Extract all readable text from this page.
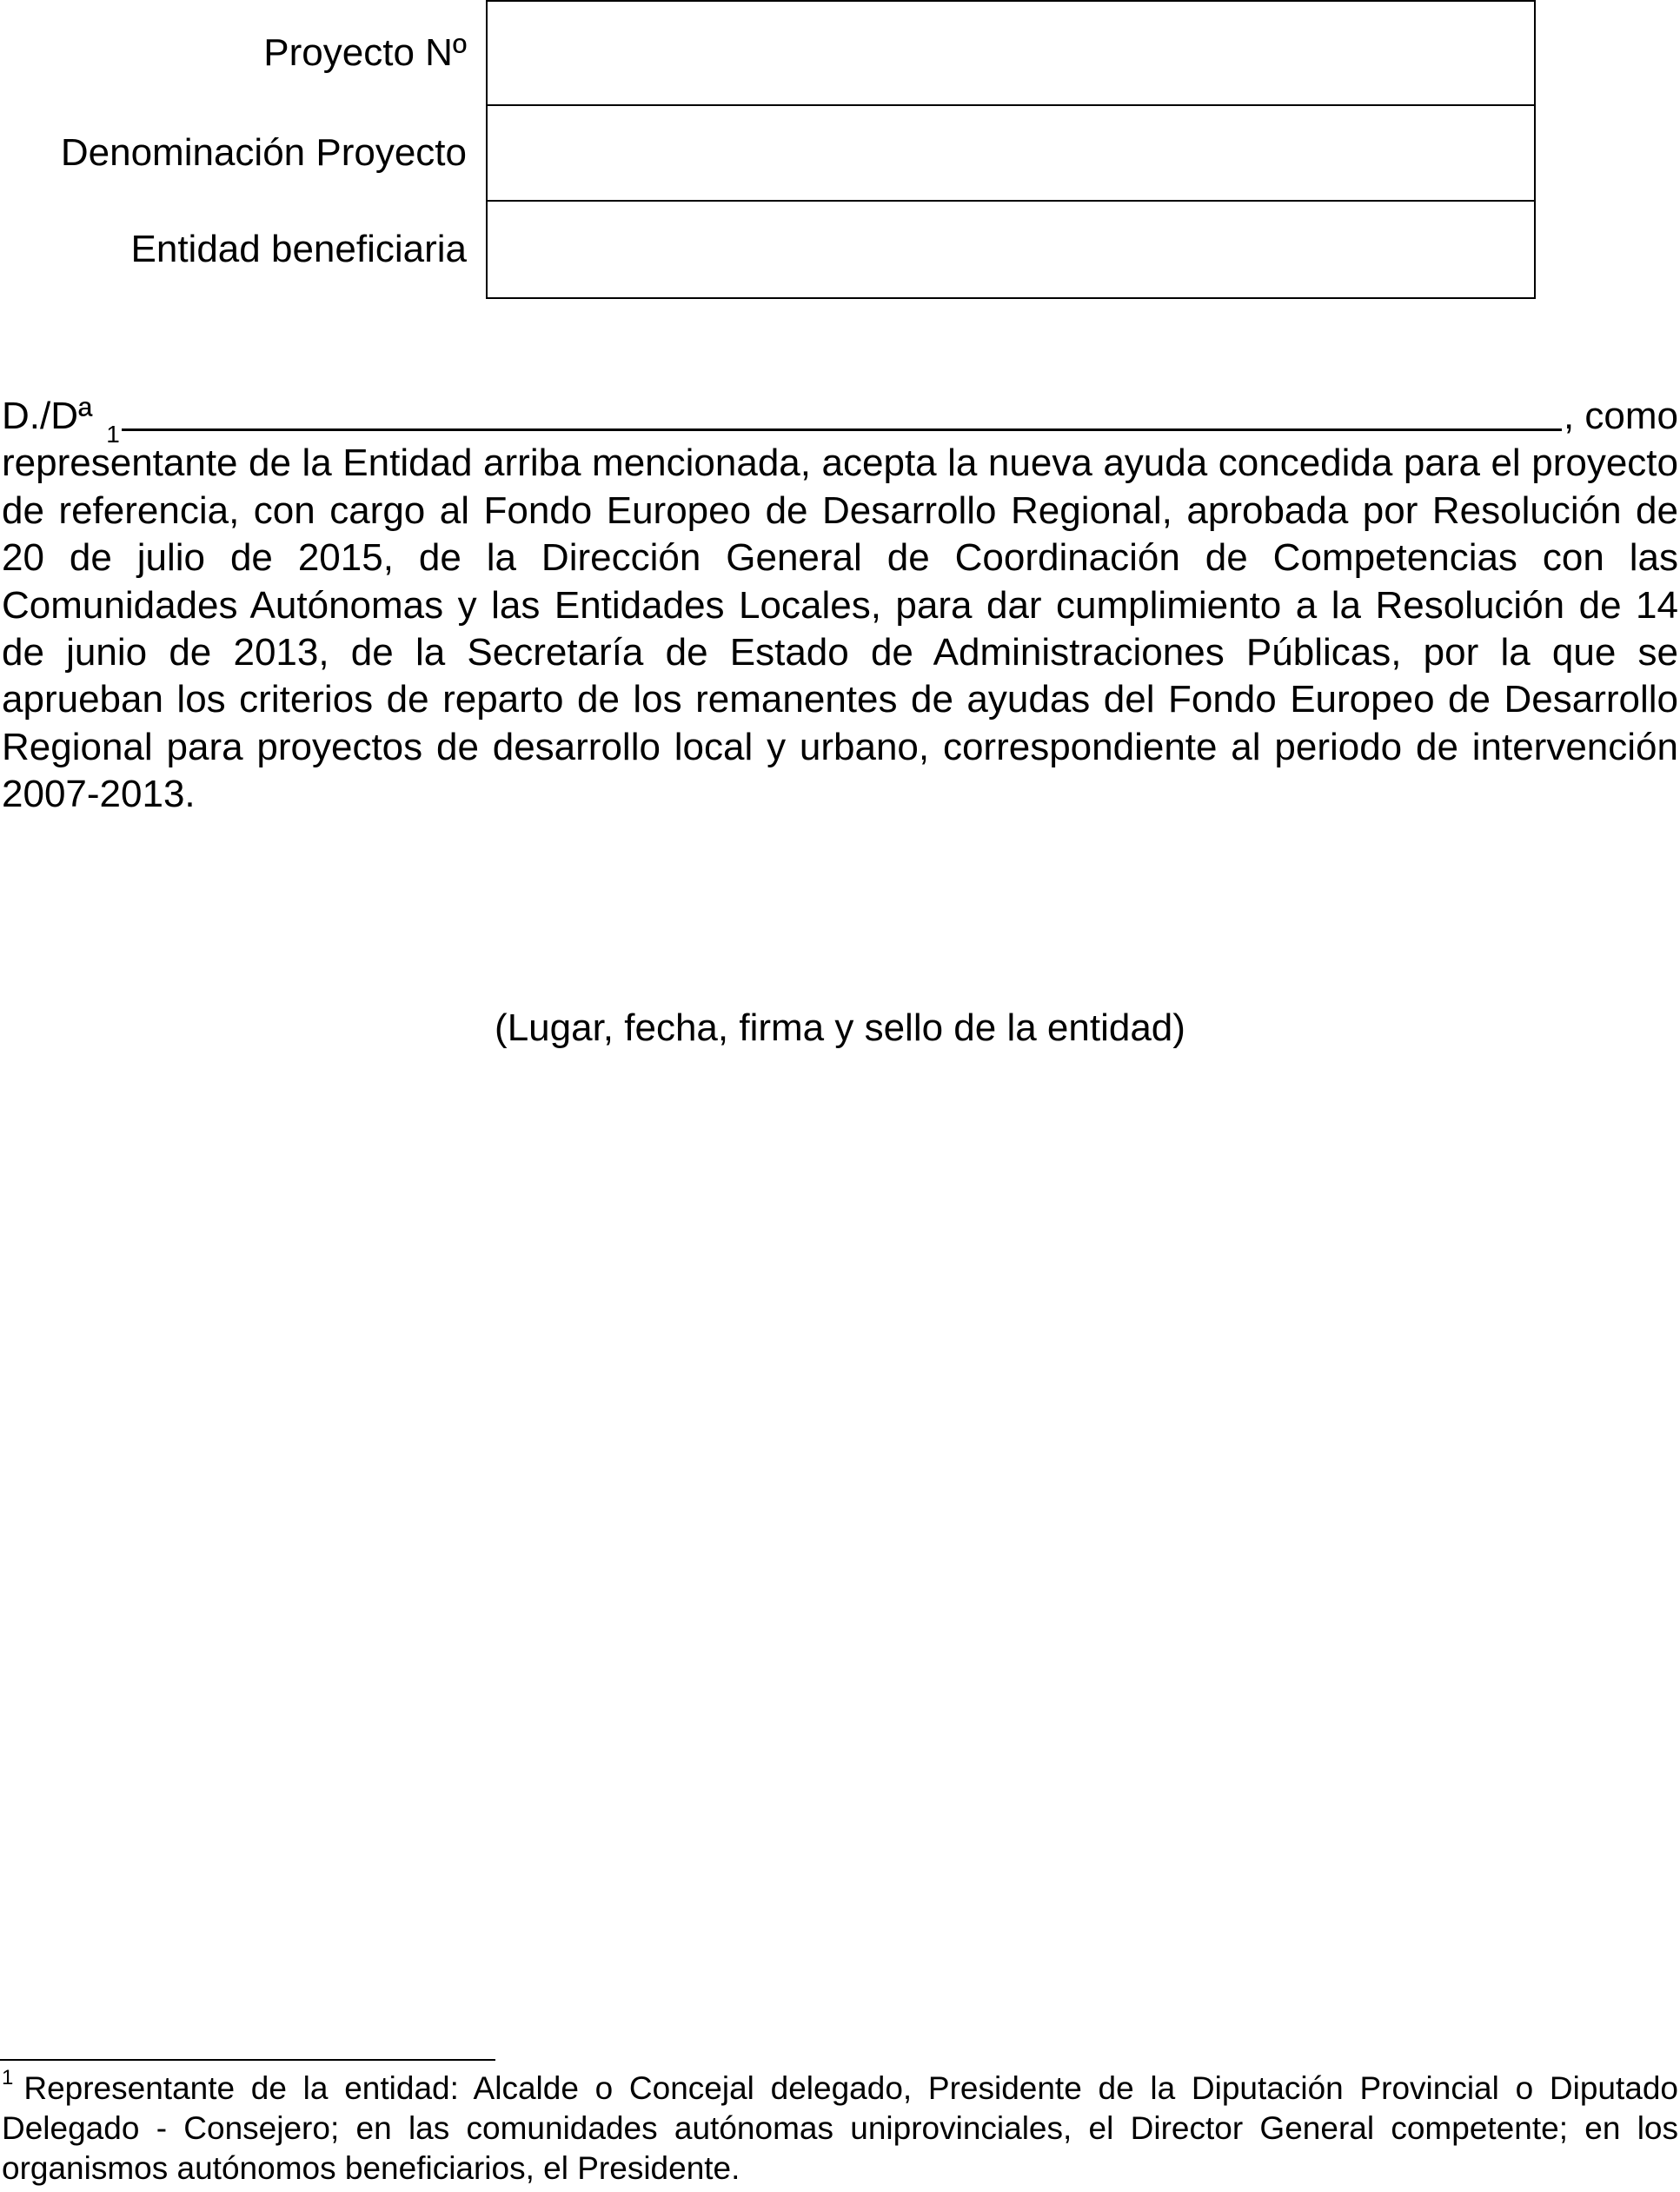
Proyecto Nº	
Denominación Proyecto	
Entidad beneficiaria	
D./Dª $^1$	, como
representante de la Entidad arriba mencionada, acepta la nueva ayuda concedida para el proyecto de referencia, con cargo al Fondo Europeo de Desarrollo Regional, aprobada por Resolución de 20 de julio de 2015, de la Dirección General de Coordinación de Competencias con las Comunidades Autónomas y las Entidades Locales, para dar cumplimiento a la Resolución de 14 de junio de 2013, de la Secretaría de Estado de Administraciones Públicas, por la que se aprueban los criterios de reparto de los remanentes de ayudas del Fondo Europeo de Desarrollo Regional para proyectos de desarrollo local y urbano, correspondiente al periodo de intervención 2007-2013.

(Lugar, fecha, firma y sello de la entidad)

$^1$ Representante de la entidad: Alcalde o Concejal delegado, Presidente de la Diputación Provincial o Diputado Delegado - Consejero; en las comunidades autónomas uniprovinciales, el Director General competente; en los organismos autónomos beneficiarios, el Presidente.
